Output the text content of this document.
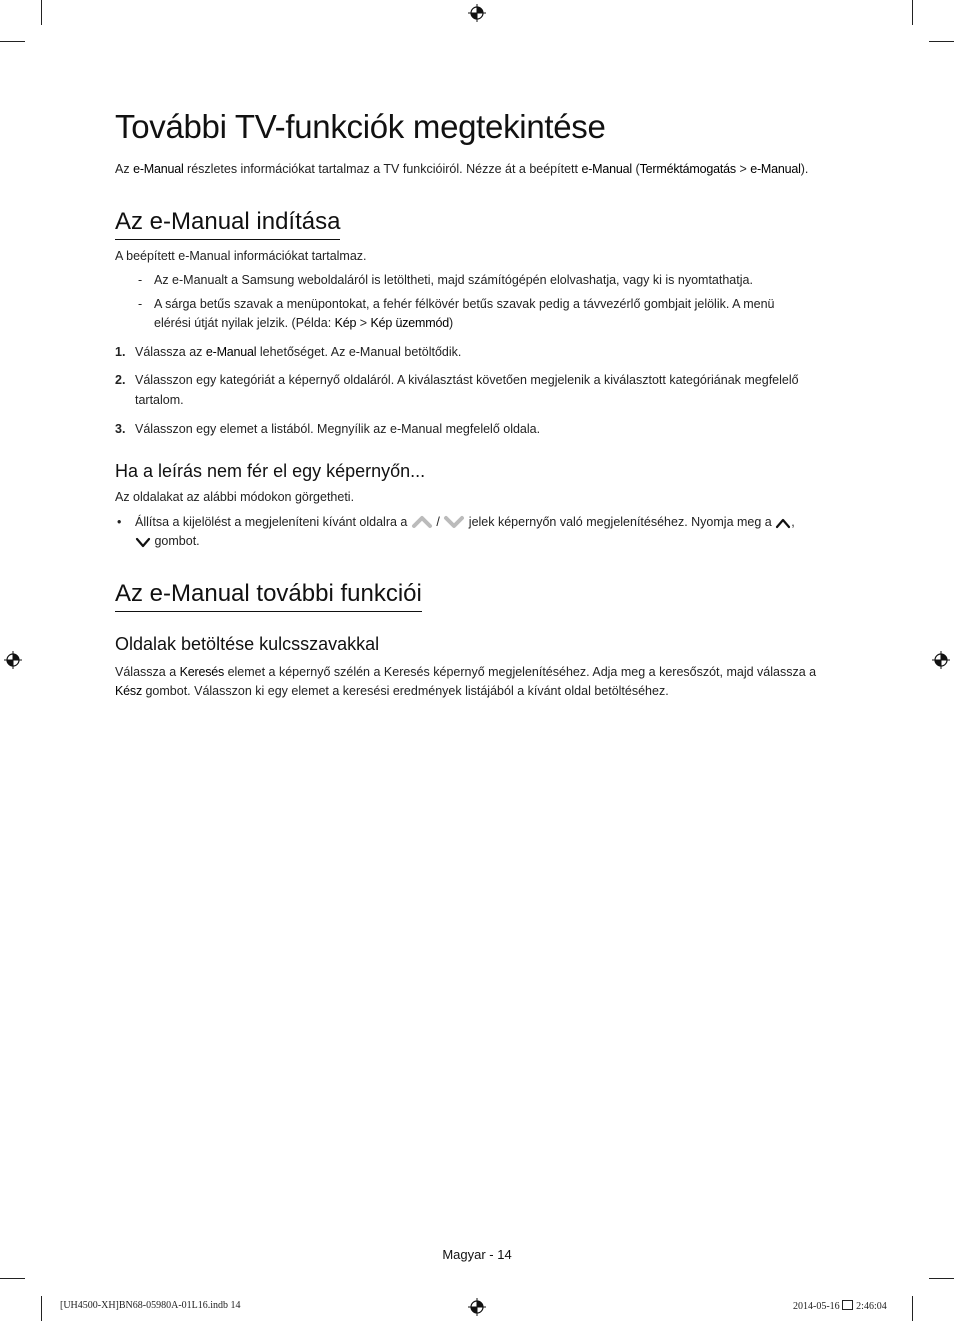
További TV-funkciók megtekintése
Az e-Manual részletes információkat tartalmaz a TV funkcióiról. Nézze át a beépített e-Manual (Terméktámogatás > e-Manual).
Az e-Manual indítása
A beépített e-Manual információkat tartalmaz.
- Az e-Manualt a Samsung weboldaláról is letöltheti, majd számítógépén elolvashatja, vagy ki is nyomtathatja.
- A sárga betűs szavak a menüpontokat, a fehér félkövér betűs szavak pedig a távvezérlő gombjait jelölik. A menü
elérési útját nyilak jelzik. (Példa: Kép > Kép üzemmód)
1. Válassza az e-Manual lehetőséget. Az e-Manual betöltődik.
2. Válasszon egy kategóriát a képernyő oldaláról. A kiválasztást követően megjelenik a kiválasztott kategóriának megfelelő
tartalom.
3. Válasszon egy elemet a listából. Megnyílik az e-Manual megfelelő oldala.
Ha a leírás nem fér el egy képernyőn...
Az oldalakat az alábbi módokon görgetheti.
• Állítsa a kijelölést a megjeleníteni kívánt oldalra a / jelek képernyőn való megjelenítéséhez. Nyomja meg a ,
gombot.
Az e-Manual további funkciói
Oldalak betöltése kulcsszavakkal
Válassza a Keresés elemet a képernyő szélén a Keresés képernyő megjelenítéséhez. Adja meg a keresőszót, majd válassza a
Kész gombot. Válasszon ki egy elemet a keresési eredmények listájából a kívánt oldal betöltéséhez.
Magyar - 14
[UH4500-XH]BN68-05980A-01L16.indb 14	2014-05-16 2:46:04
